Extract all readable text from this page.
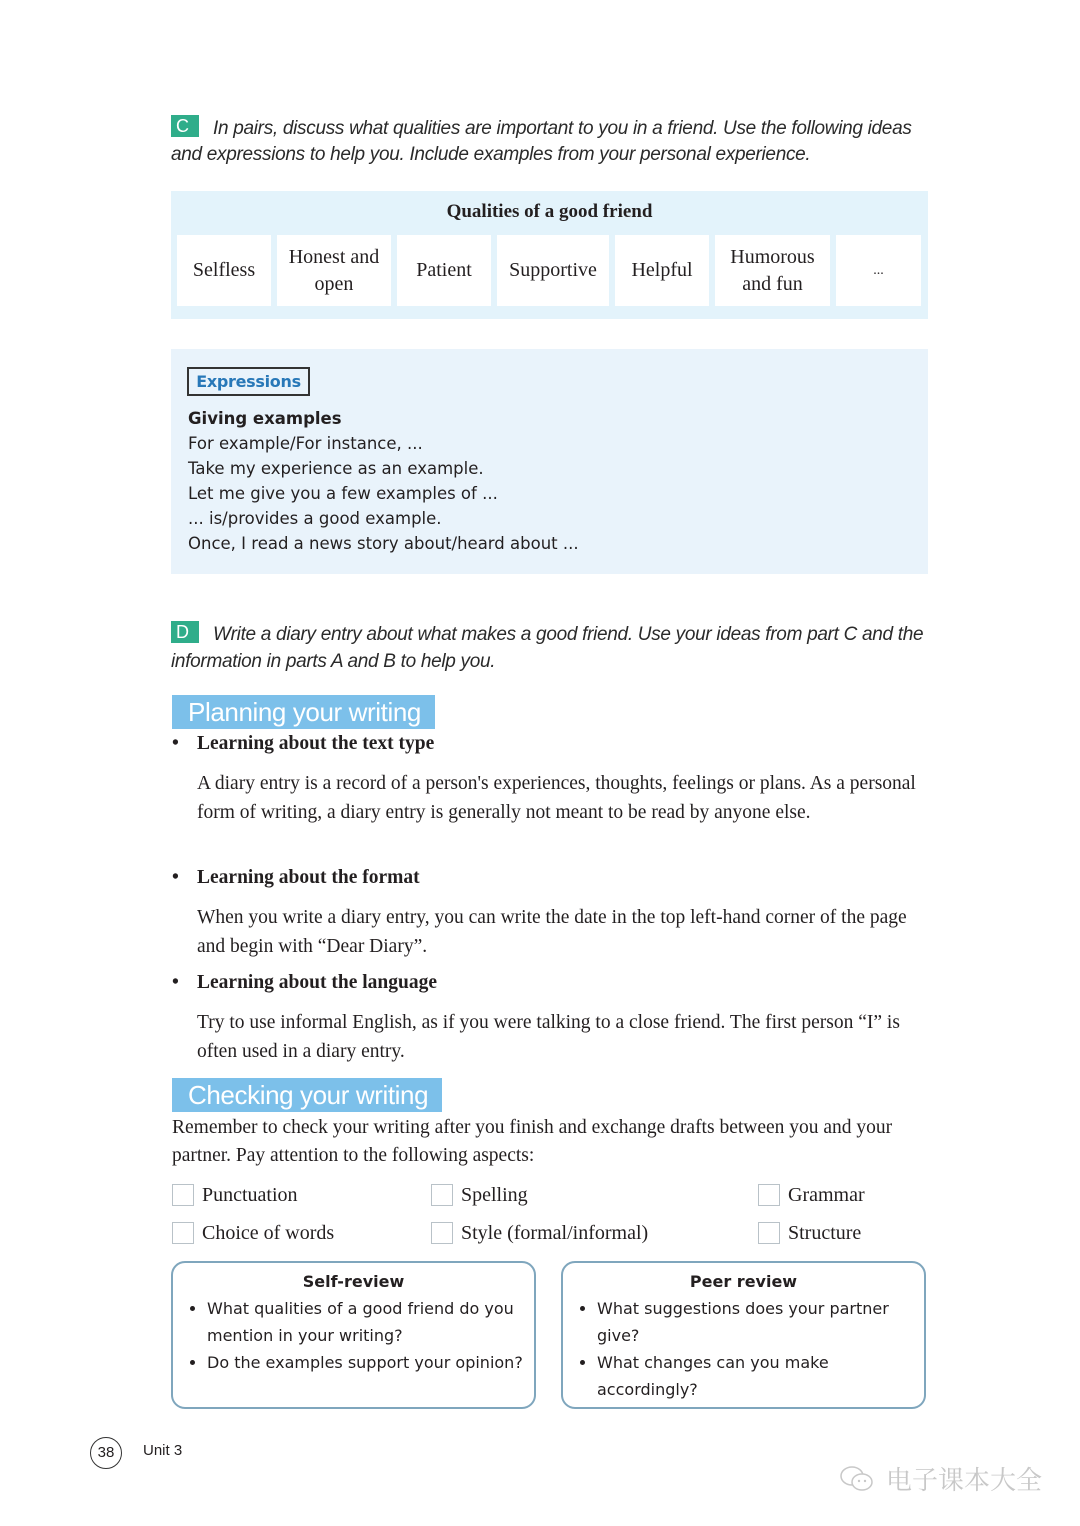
C In pairs, discuss what qualities are important to you in a friend. Use the following ideas and expressions to help you. Include examples from your personal experience.
Qualities of a good friend
Selfless
Honest and open
Patient	Supportive	Helpful
Humorous and fun
...
Expressions
Giving examples
For example/For instance, ...
Take my experience as an example.
Let me give you a few examples of ...
... is/provides a good example.
Once, I read a news story about/heard about ...
D Write a diary entry about what makes a good friend. Use your ideas from part C and the information in parts A and B to help you.
Planning your writing
• Learning about the text type
A diary entry is a record of a person's experiences, thoughts, feelings or plans. As a personal form of writing, a diary entry is generally not meant to be read by anyone else.
• Learning about the format
When you write a diary entry, you can write the date in the top left-hand corner of the page and begin with “Dear Diary”.
• Learning about the language
Try to use informal English, as if you were talking to a close friend. The first person “I” is often used in a diary entry.
Checking your writing
Remember to check your writing after you finish and exchange drafts between you and your partner. Pay attention to the following aspects:
Punctuation	Spelling	Grammar
Choice of words	Style (formal/informal)	Structure
Self-review
• What qualities of a good friend do you mention in your writing?
• Do the examples support your opinion?
Peer review
• What suggestions does your partner give?
• What changes can you make accordingly?
38	Unit 3
电子课本大全
